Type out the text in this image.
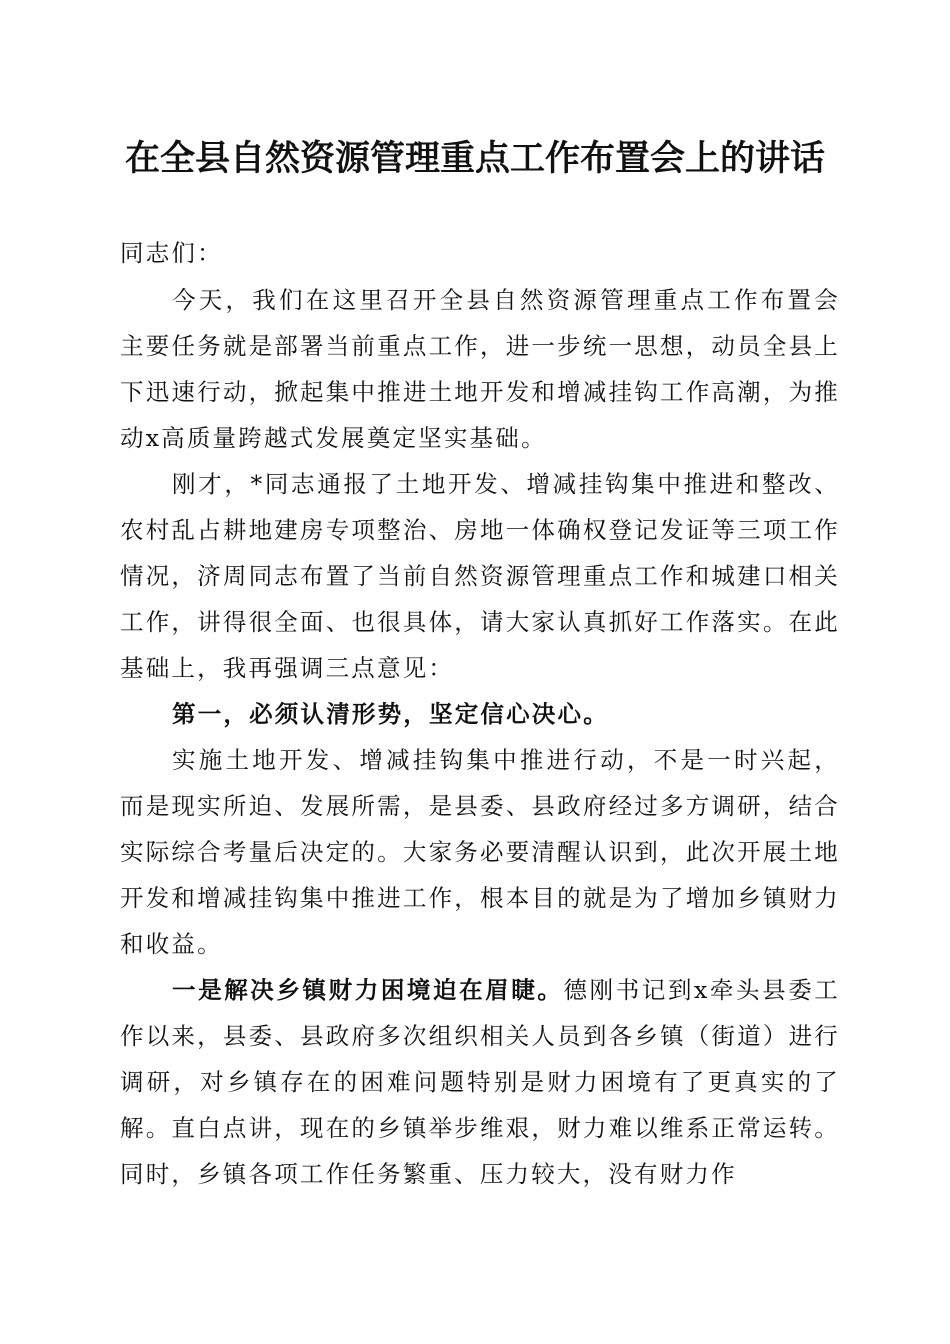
在全县自然资源管理重点工作布置会上的讲话
同志们：

今天，我们在这里召开全县自然资源管理重点工作布置会主要任务就是部署当前重点工作，进一步统一思想，动员全县上下迅速行动，掀起集中推进土地开发和增减挂钩工作高潮，为推动x高质量跨越式发展奠定坚实基础。

刚才，*同志通报了土地开发、增减挂钩集中推进和整改、农村乱占耕地建房专项整治、房地一体确权登记发证等三项工作情况，济周同志布置了当前自然资源管理重点工作和城建口相关工作，讲得很全面、也很具体，请大家认真抓好工作落实。在此基础上，我再强调三点意见：

第一，必须认清形势，坚定信心决心。

实施土地开发、增减挂钩集中推进行动，不是一时兴起，而是现实所迫、发展所需，是县委、县政府经过多方调研，结合实际综合考量后决定的。大家务必要清醒认识到，此次开展土地开发和增减挂钩集中推进工作，根本目的就是为了增加乡镇财力和收益。

一是解决乡镇财力困境迫在眉睫。德刚书记到x牵头县委工作以来，县委、县政府多次组织相关人员到各乡镇（街道）进行调研，对乡镇存在的困难问题特别是财力困境有了更真实的了解。直白点讲，现在的乡镇举步维艰，财力难以维系正常运转。同时，乡镇各项工作任务繁重、压力较大，没有财力作
